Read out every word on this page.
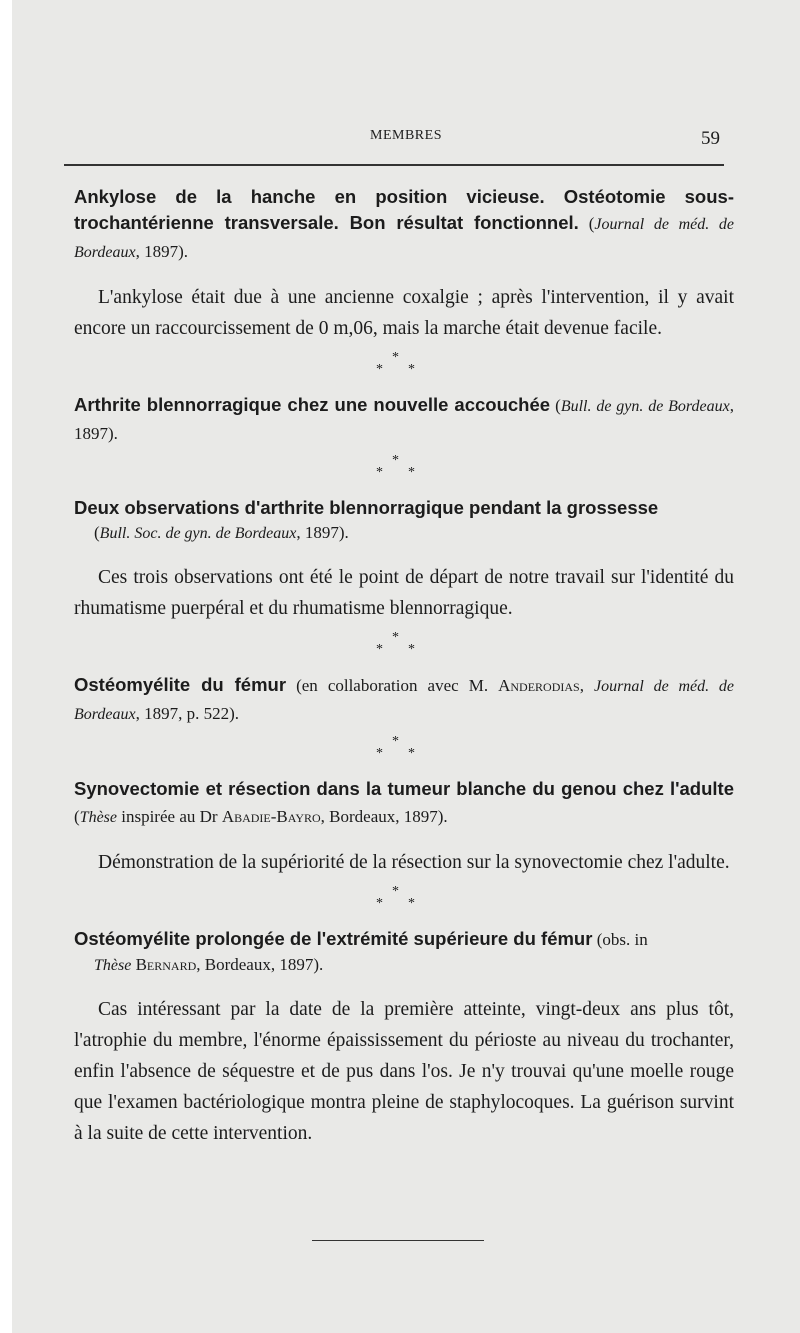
MEMBRES	59

Ankylose de la hanche en position vicieuse. Ostéotomie sous-trochantérienne transversale. Bon résultat fonctionnel. (Journal de méd. de Bordeaux, 1897).

L'ankylose était due à une ancienne coxalgie ; après l'intervention, il y avait encore un raccourcissement de 0 m,06, mais la marche était devenue facile.

*
* *

Arthrite blennorragique chez une nouvelle accouchée (Bull. de gyn. de Bordeaux, 1897).

*
* *

Deux observations d'arthrite blennorragique pendant la grossesse

(Bull. Soc. de gyn. de Bordeaux, 1897).

Ces trois observations ont été le point de départ de notre travail sur l'identité du rhumatisme puerpéral et du rhumatisme blennorragique.

*
* *

Ostéomyélite du fémur (en collaboration avec M. Anderodias, Journal de méd. de Bordeaux, 1897, p. 522).

*
* *

Synovectomie et résection dans la tumeur blanche du genou chez l'adulte (Thèse inspirée au Dr Abadie-Bayro, Bordeaux, 1897).

Démonstration de la supériorité de la résection sur la synovectomie chez l'adulte.

*
* *

Ostéomyélite prolongée de l'extrémité supérieure du fémur (obs. in

Thèse Bernard, Bordeaux, 1897).

Cas intéressant par la date de la première atteinte, vingt-deux ans plus tôt, l'atrophie du membre, l'énorme épaississement du périoste au niveau du trochanter, enfin l'absence de séquestre et de pus dans l'os. Je n'y trouvai qu'une moelle rouge que l'examen bactériologique montra pleine de staphylocoques. La guérison survint à la suite de cette intervention.
